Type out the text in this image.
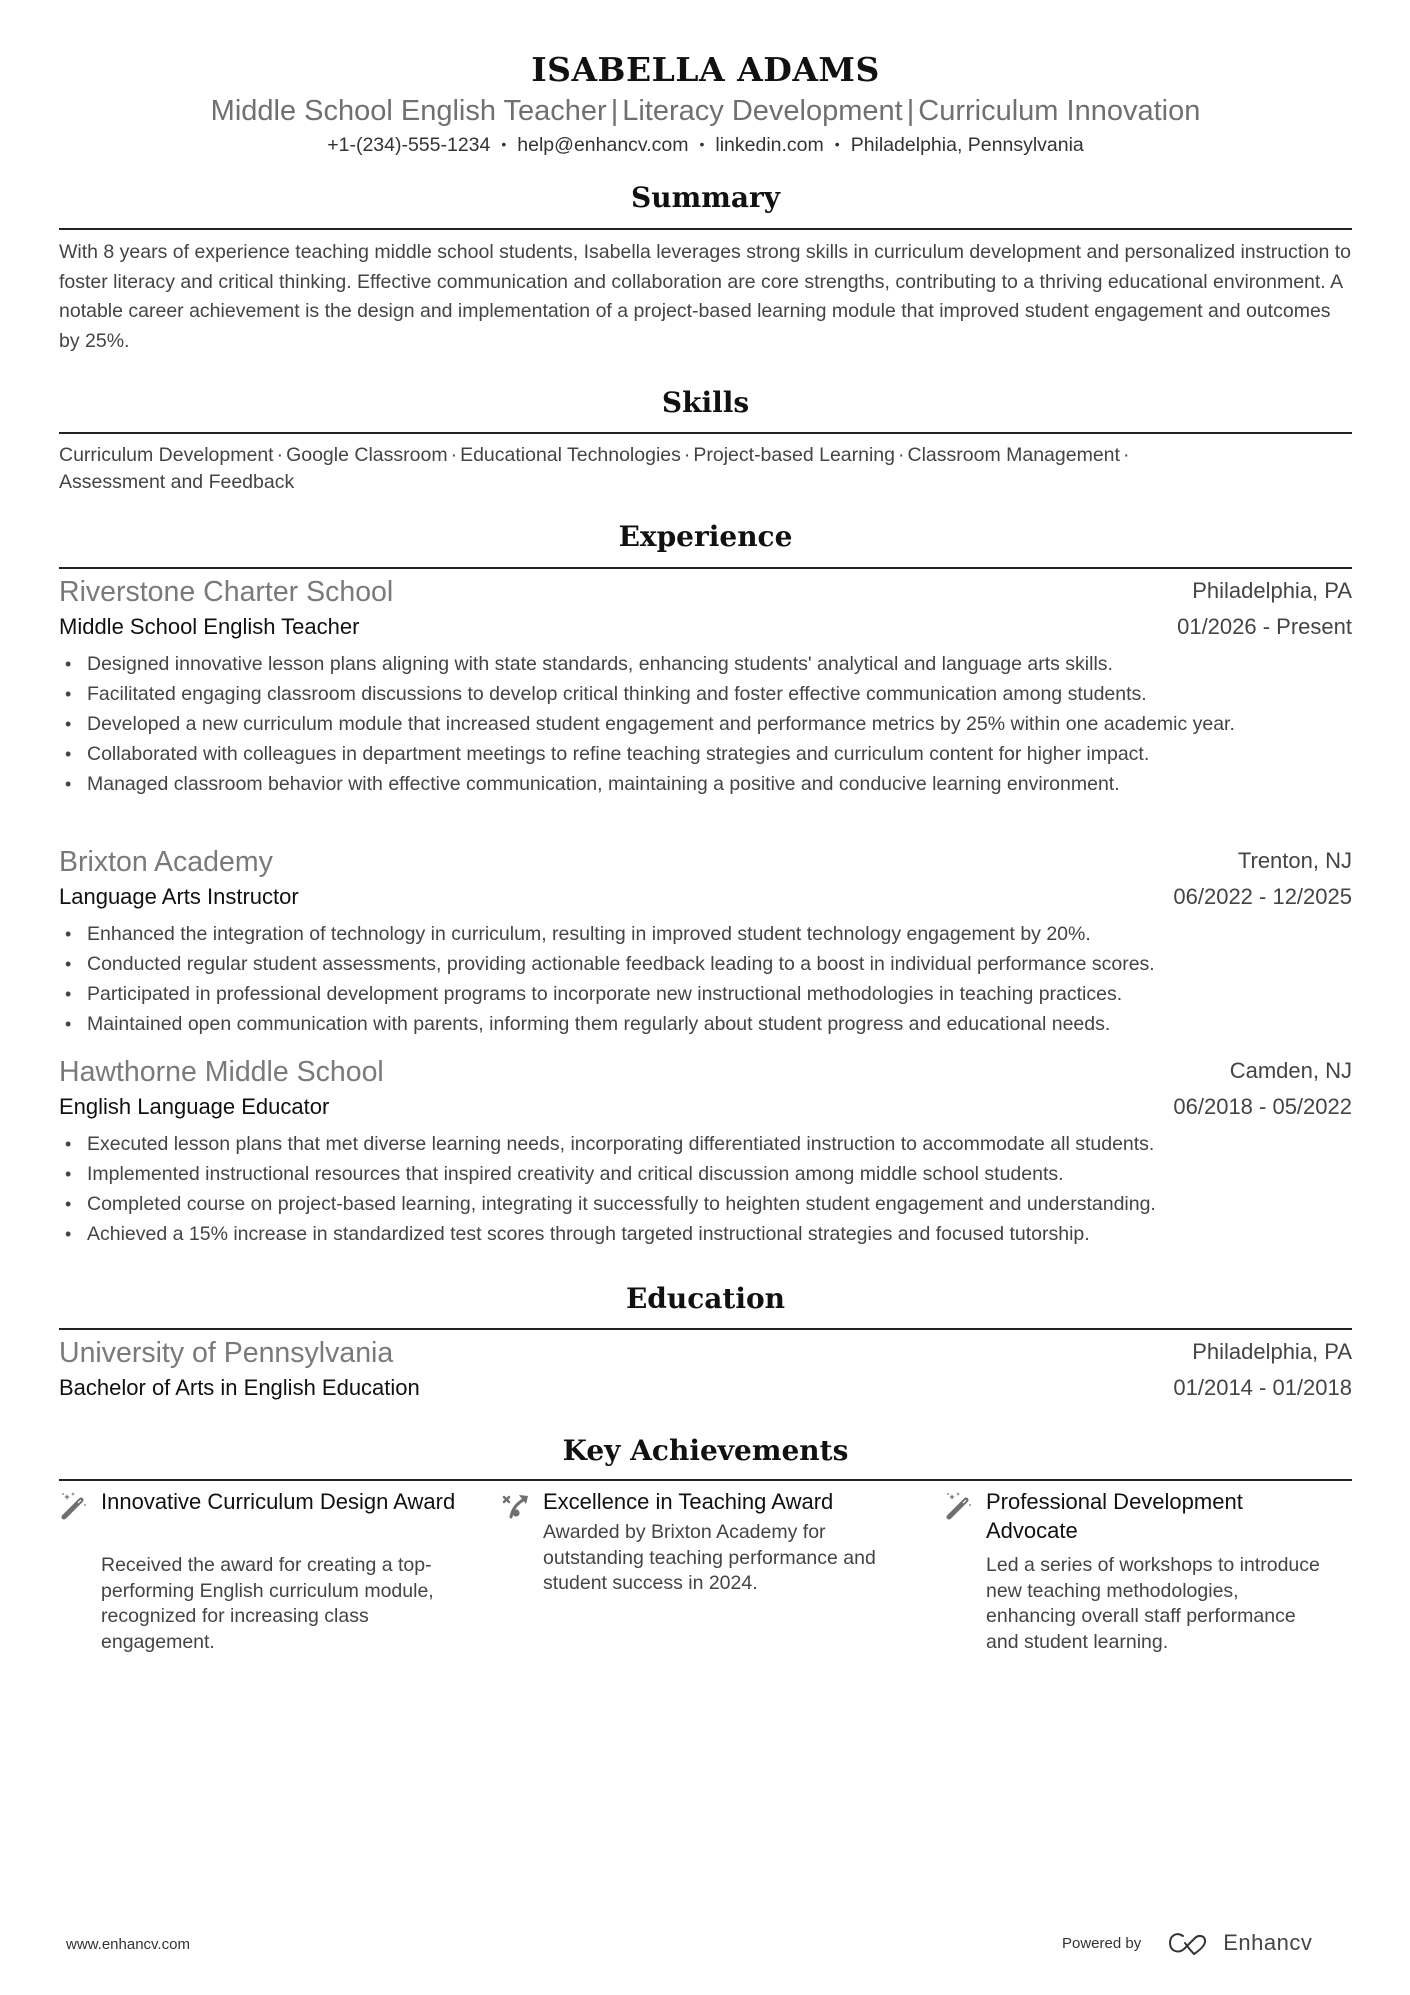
ISABELLA ADAMS
Middle School English Teacher | Literacy Development | Curriculum Innovation
+1-(234)-555-1234 • help@enhancv.com • linkedin.com • Philadelphia, Pennsylvania
Summary
With 8 years of experience teaching middle school students, Isabella leverages strong skills in curriculum development and personalized instruction to foster literacy and critical thinking. Effective communication and collaboration are core strengths, contributing to a thriving educational environment. A notable career achievement is the design and implementation of a project-based learning module that improved student engagement and outcomes by 25%.
Skills
Curriculum Development · Google Classroom · Educational Technologies · Project-based Learning · Classroom Management ·
Assessment and Feedback
Experience
Riverstone Charter School	Philadelphia, PA
Middle School English Teacher	01/2026 - Present
• Designed innovative lesson plans aligning with state standards, enhancing students' analytical and language arts skills.
• Facilitated engaging classroom discussions to develop critical thinking and foster effective communication among students.
• Developed a new curriculum module that increased student engagement and performance metrics by 25% within one academic year.
• Collaborated with colleagues in department meetings to refine teaching strategies and curriculum content for higher impact.
• Managed classroom behavior with effective communication, maintaining a positive and conducive learning environment.
Brixton Academy	Trenton, NJ
Language Arts Instructor	06/2022 - 12/2025
• Enhanced the integration of technology in curriculum, resulting in improved student technology engagement by 20%.
• Conducted regular student assessments, providing actionable feedback leading to a boost in individual performance scores.
• Participated in professional development programs to incorporate new instructional methodologies in teaching practices.
• Maintained open communication with parents, informing them regularly about student progress and educational needs.
Hawthorne Middle School	Camden, NJ
English Language Educator	06/2018 - 05/2022
• Executed lesson plans that met diverse learning needs, incorporating differentiated instruction to accommodate all students.
• Implemented instructional resources that inspired creativity and critical discussion among middle school students.
• Completed course on project-based learning, integrating it successfully to heighten student engagement and understanding.
• Achieved a 15% increase in standardized test scores through targeted instructional strategies and focused tutorship.
Education
University of Pennsylvania	Philadelphia, PA
Bachelor of Arts in English Education	01/2014 - 01/2018
Key Achievements
Innovative Curriculum Design Award
Received the award for creating a top-performing English curriculum module, recognized for increasing class engagement.
Excellence in Teaching Award
Awarded by Brixton Academy for outstanding teaching performance and student success in 2024.
Professional Development Advocate
Led a series of workshops to introduce new teaching methodologies, enhancing overall staff performance and student learning.
www.enhancv.com	Powered by	Enhancv
